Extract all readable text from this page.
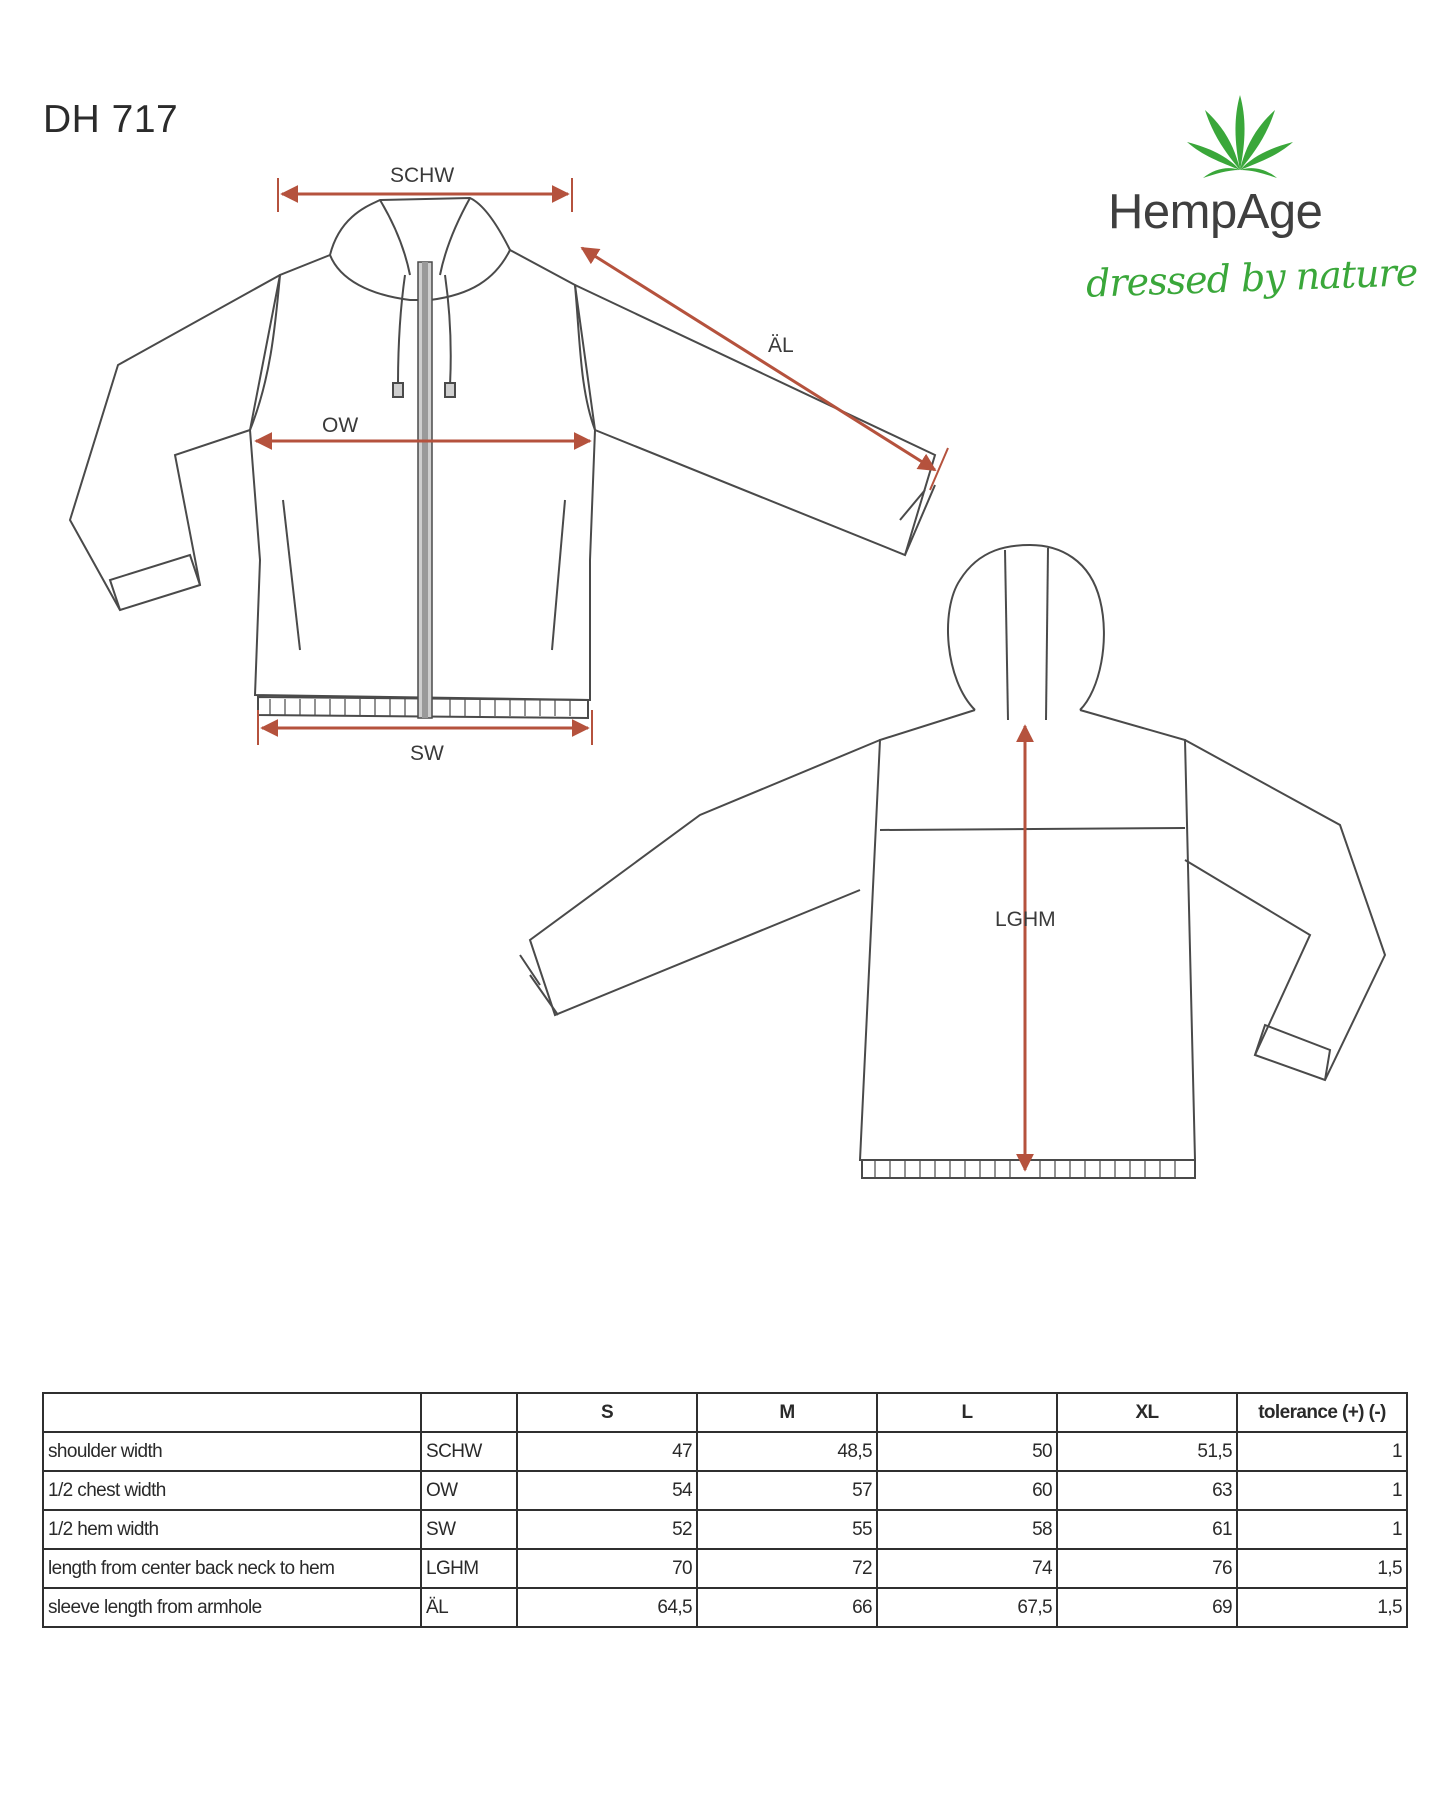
DH 717
HempAge
dressed by nature
SCHW
ÄL
OW
SW
LGHM
		S	M	L	XL	tolerance (+) (-)
shoulder width	SCHW	47	48,5	50	51,5	1
1/2 chest width	OW	54	57	60	63	1
1/2 hem width	SW	52	55	58	61	1
length from center back neck to hem	LGHM	70	72	74	76	1,5
sleeve length from armhole	ÄL	64,5	66	67,5	69	1,5
